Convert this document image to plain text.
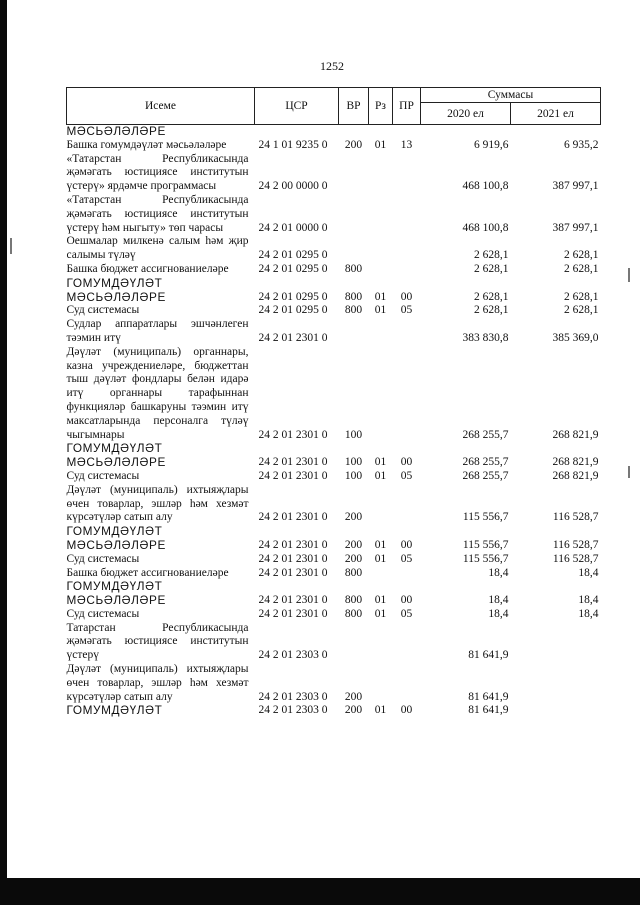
1252
Исеме	ЦСР	ВР	Рз	ПР	Суммасы	
					2020 ел	2021 ел
МӘСЬӘЛӘЛӘРЕ						
Башка гомумдәүләт мәсьәләләре	24 1 01 9235 0	200	01	13	6 919,6	6 935,2
«Татарстан Республикасында җәмәгать юстициясе институтын үстерү» ярдәмче программасы	24 2 00 0000 0				468 100,8	387 997,1
«Татарстан Республикасында җәмәгать юстициясе институтын үстерү һәм ныгыту» төп чарасы	24 2 01 0000 0				468 100,8	387 997,1
Оешмалар милкенә салым һәм җир салымы түләү	24 2 01 0295 0				2 628,1	2 628,1
Башка бюджет ассигнованиеләре	24 2 01 0295 0	800			2 628,1	2 628,1
ГОМУМДӘҮЛӘТ МӘСЬӘЛӘЛӘРЕ	24 2 01 0295 0	800	01	00	2 628,1	2 628,1
Суд системасы	24 2 01 0295 0	800	01	05	2 628,1	2 628,1
Судлар аппаратлары эшчәнлеген тәэмин итү	24 2 01 2301 0				383 830,8	385 369,0
Дәүләт (муниципаль) органнары, казна учреждениеләре, бюджеттан тыш дәүләт фондлары белән идарә итү органнары тарафыннан функцияләр башкаруны тәэмин итү максатларында персоналга түләү чыгымнары	24 2 01 2301 0	100			268 255,7	268 821,9
ГОМУМДӘҮЛӘТ МӘСЬӘЛӘЛӘРЕ	24 2 01 2301 0	100	01	00	268 255,7	268 821,9
Суд системасы	24 2 01 2301 0	100	01	05	268 255,7	268 821,9
Дәүләт (муниципаль) ихтыяҗлары өчен товарлар, эшләр һәм хезмәт күрсәтүләр сатып алу	24 2 01 2301 0	200			115 556,7	116 528,7
ГОМУМДӘҮЛӘТ МӘСЬӘЛӘЛӘРЕ	24 2 01 2301 0	200	01	00	115 556,7	116 528,7
Суд системасы	24 2 01 2301 0	200	01	05	115 556,7	116 528,7
Башка бюджет ассигнованиеләре	24 2 01 2301 0	800			18,4	18,4
ГОМУМДӘҮЛӘТ МӘСЬӘЛӘЛӘРЕ	24 2 01 2301 0	800	01	00	18,4	18,4
Суд системасы	24 2 01 2301 0	800	01	05	18,4	18,4
Татарстан Республикасында җәмәгать юстициясе институтын үстерү	24 2 01 2303 0				81 641,9	
Дәүләт (муниципаль) ихтыяҗлары өчен товарлар, эшләр һәм хезмәт күрсәтүләр сатып алу	24 2 01 2303 0	200			81 641,9	
ГОМУМДӘҮЛӘТ	24 2 01 2303 0	200	01	00	81 641,9	
